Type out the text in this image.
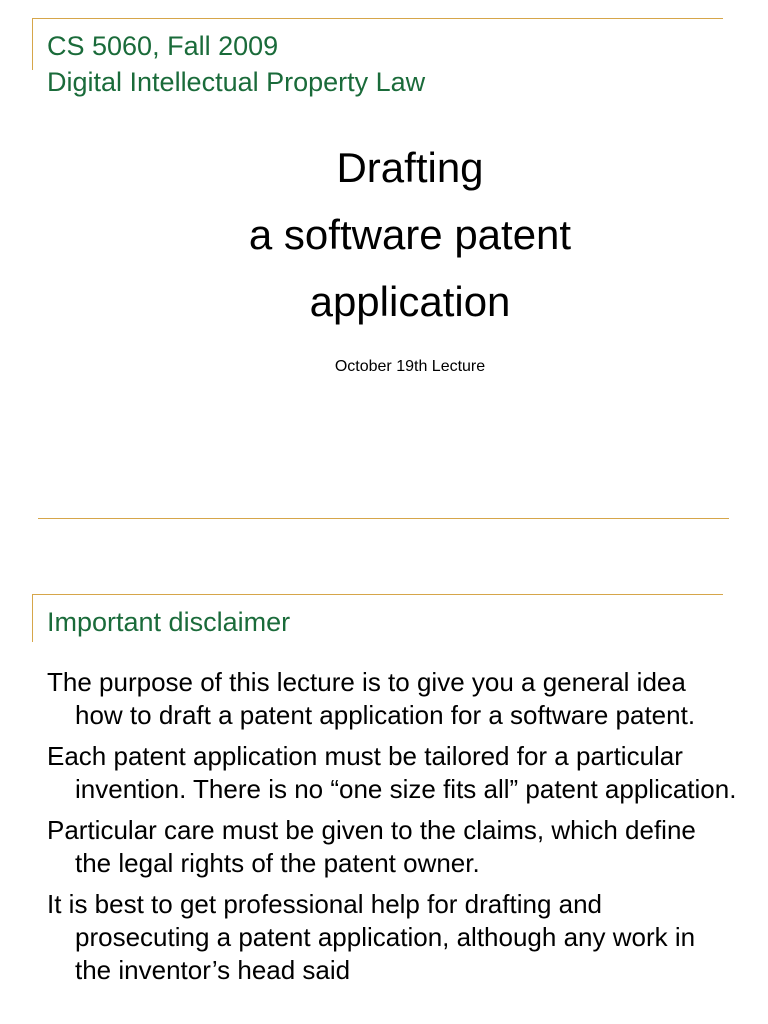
CS 5060, Fall 2009
Digital Intellectual Property Law
Drafting
a software patent
application
October 19th Lecture
Important disclaimer
The purpose of this lecture is to give you a general idea how to draft a patent application for a software patent.
Each patent application must be tailored for a particular invention. There is no “one size fits all” patent application.
Particular care must be given to the claims, which define the legal rights of the patent owner.
It is best to get professional help for drafting and prosecuting a patent application, although any work in the inventor’s head said
